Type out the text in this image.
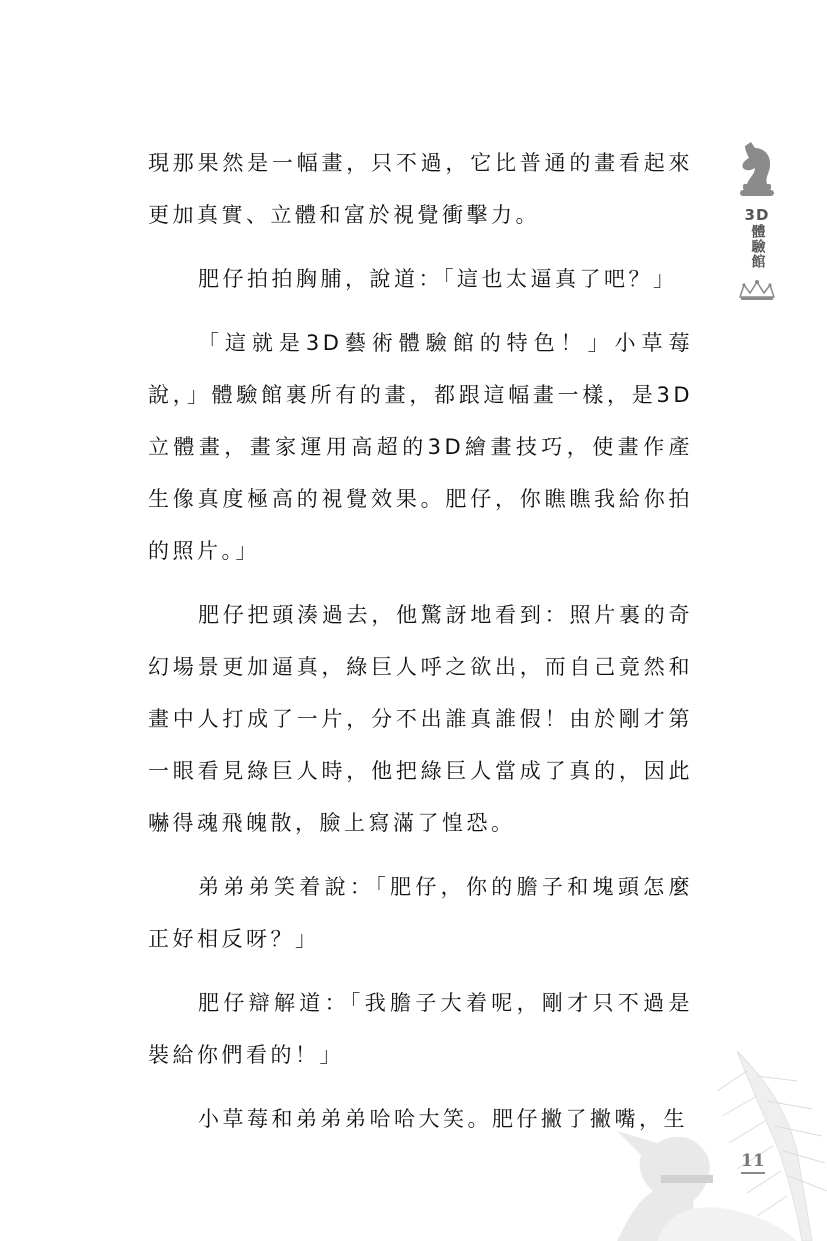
現那果然是一幅畫，只不過，它比普通的畫看起來更加真實、立體和富於視覺衝擊力。

肥仔拍拍胸脯，說道：「這也太逼真了吧？」

「這就是3D藝術體驗館的特色！」小草莓說，」體驗館裏所有的畫，都跟這幅畫一樣，是3D立體畫，畫家運用高超的3D繪畫技巧，使畫作產生像真度極高的視覺效果。肥仔，你瞧瞧我給你拍的照片。」

肥仔把頭湊過去，他驚訝地看到：照片裏的奇幻場景更加逼真，綠巨人呼之欲出，而自己竟然和畫中人打成了一片，分不出誰真誰假！由於剛才第一眼看見綠巨人時，他把綠巨人當成了真的，因此嚇得魂飛魄散，臉上寫滿了惶恐。

弟弟弟笑着說：「肥仔，你的膽子和塊頭怎麼正好相反呀？」

肥仔辯解道：「我膽子大着呢，剛才只不過是裝給你們看的！」

小草莓和弟弟弟哈哈大笑。肥仔撇了撇嘴，生

3D
體驗館
11
